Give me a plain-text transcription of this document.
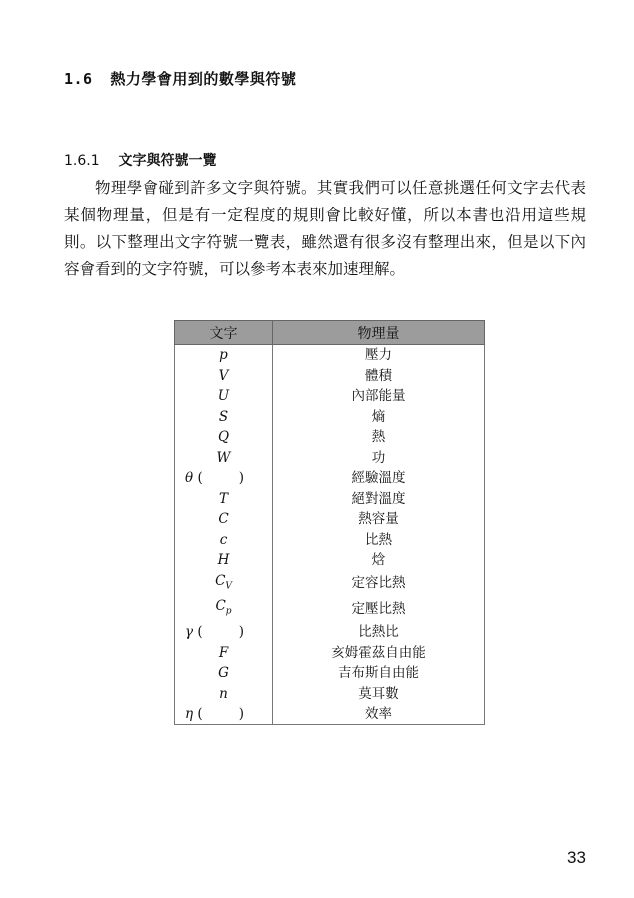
1.6 熱力學會用到的數學與符號
1.6.1 文字與符號一覽

物理學會碰到許多文字與符號。其實我們可以任意挑選任何文字去代表某個物理量，但是有一定程度的規則會比較好懂，所以本書也沿用這些規則。以下整理出文字符號一覽表，雖然還有很多沒有整理出來，但是以下內容會看到的文字符號，可以參考本表來加速理解。

文字	物理量
p	壓力
V	體積
U	內部能量
S	熵
Q	熱
W	功

θ ( )	經驗溫度
T	絕對溫度
C	熱容量
c	比熱
H	焓
$C_V$	定容比熱
$C_p$	定壓比熱

γ ( )	比熱比
F	亥姆霍茲自由能
G	吉布斯自由能
n	莫耳數

η ( )	效率
33
